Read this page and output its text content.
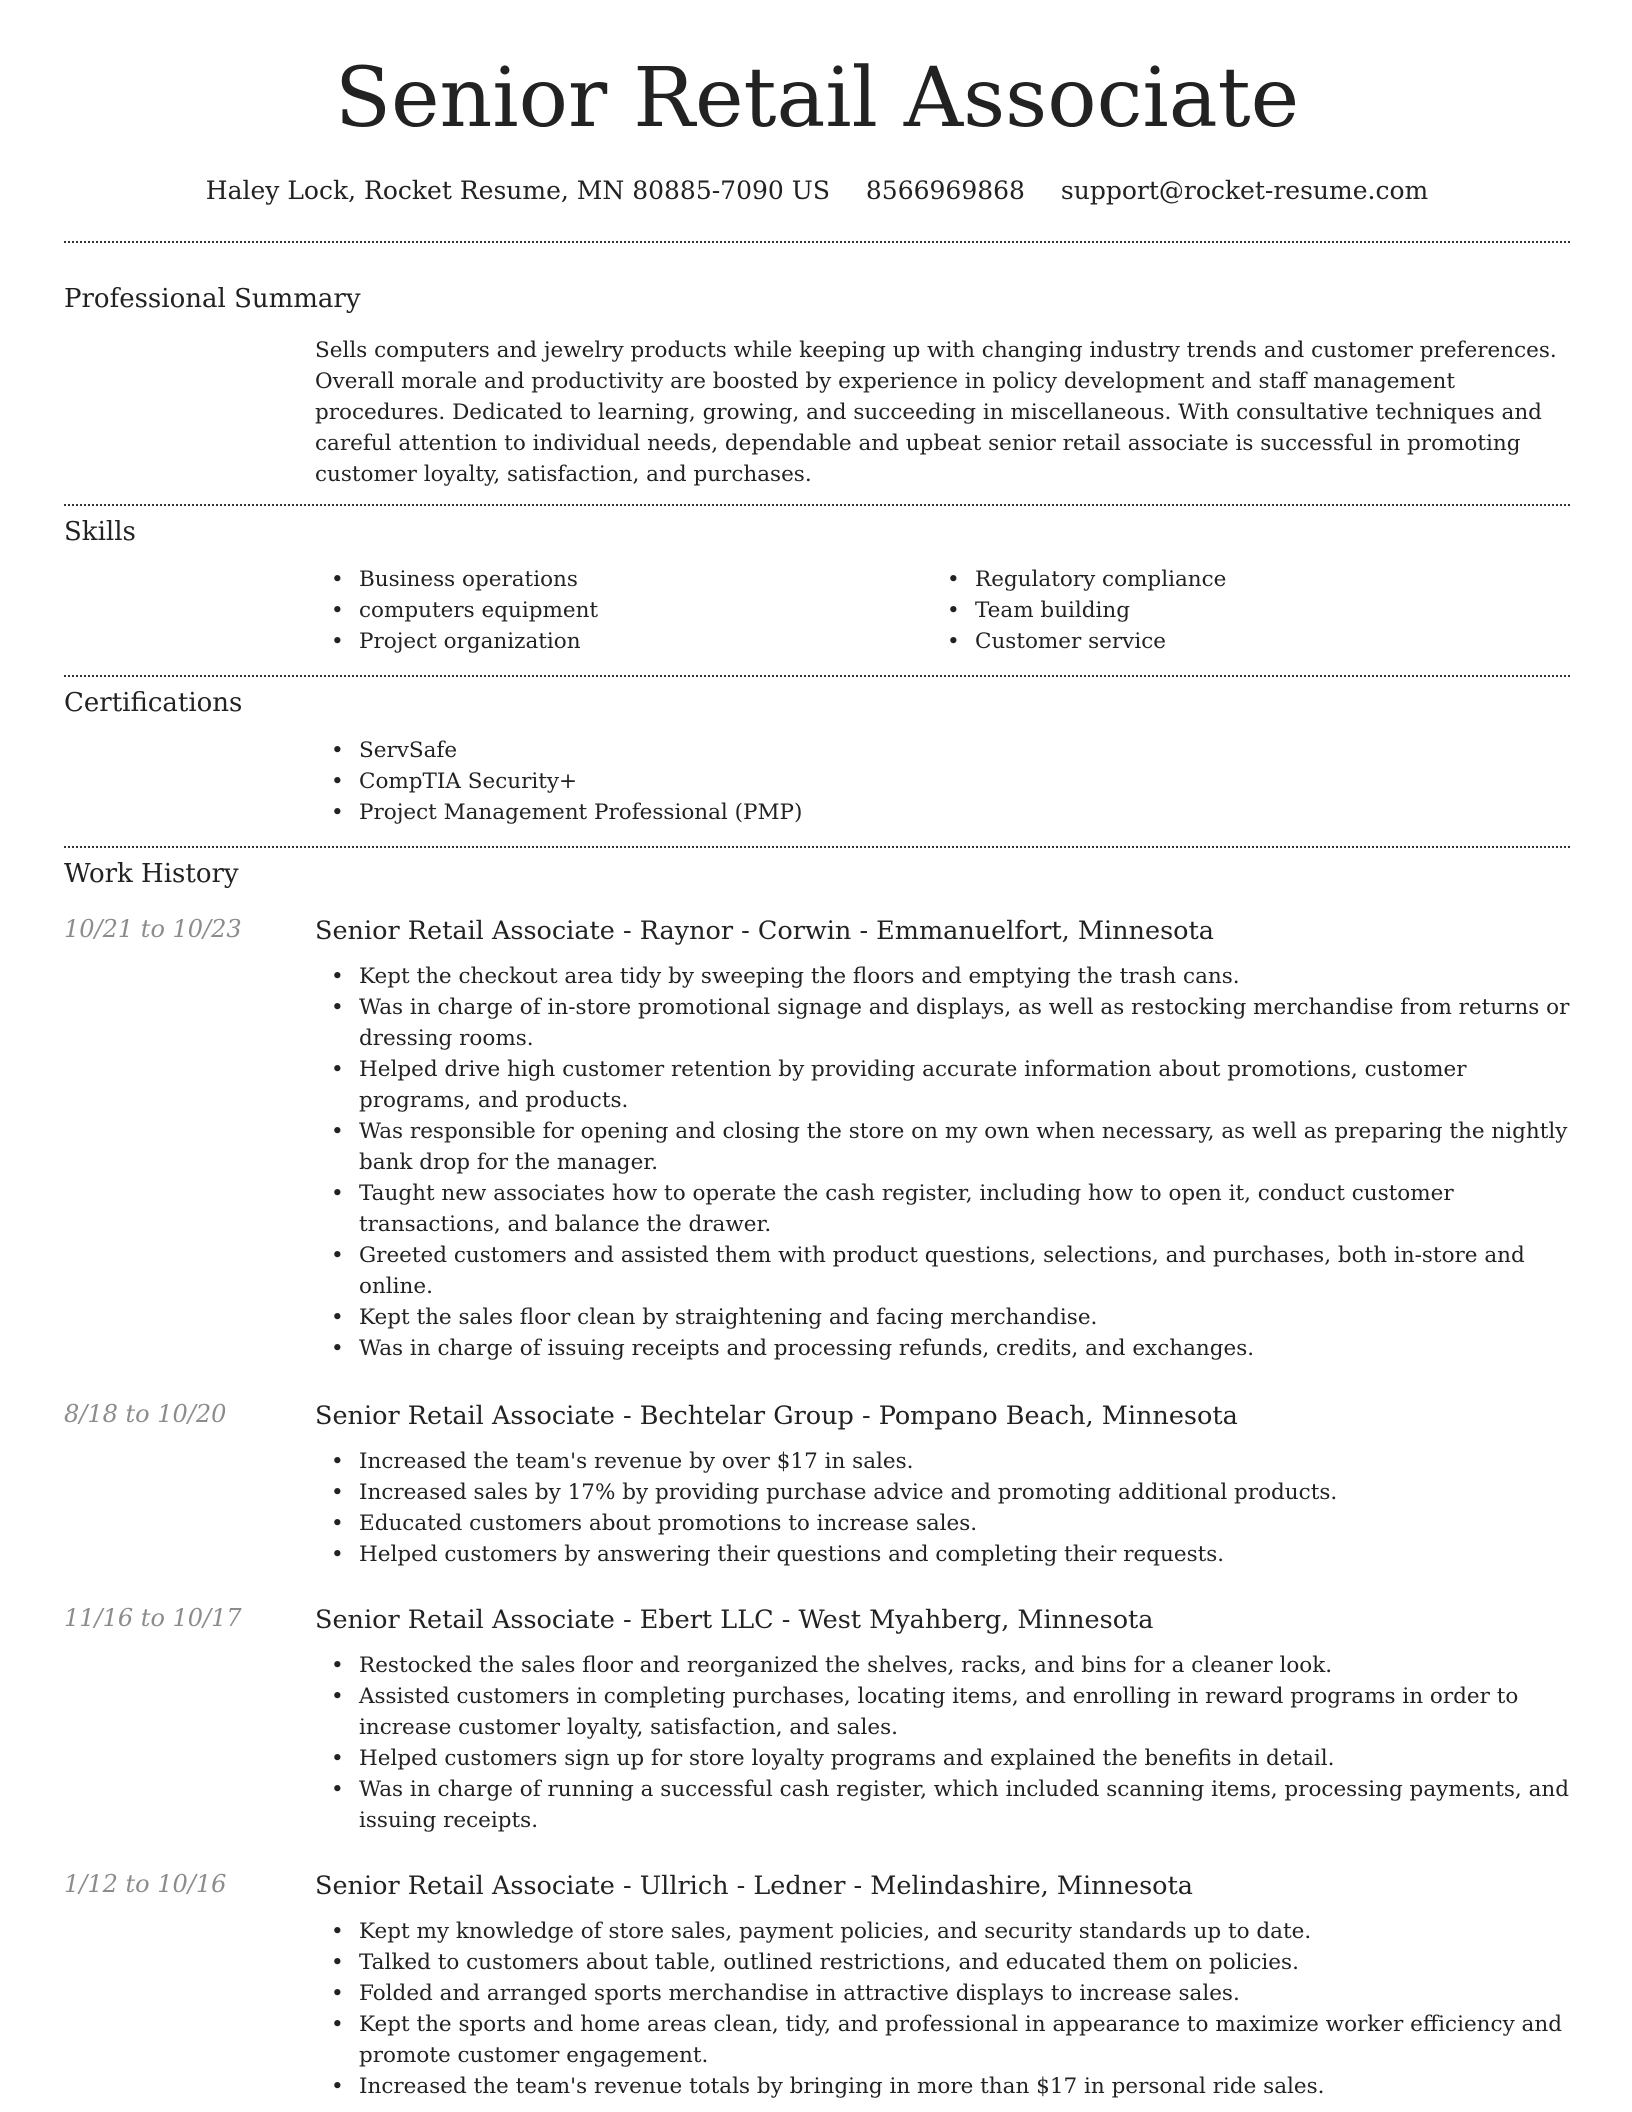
Senior Retail Associate
Haley Lock, Rocket Resume, MN 80885-7090 US 8566969868 support@rocket-resume.com
Professional Summary

Sells computers and jewelry products while keeping up with changing industry trends and customer preferences. Overall morale and productivity are boosted by experience in policy development and staff management procedures. Dedicated to learning, growing, and succeeding in miscellaneous. With consultative techniques and careful attention to individual needs, dependable and upbeat senior retail associate is successful in promoting customer loyalty, satisfaction, and purchases.

Skills
• Business operations
• computers equipment
• Project organization
• Regulatory compliance
• Team building
• Customer service
Certifications
• ServSafe
• CompTIA Security+
• Project Management Professional (PMP)
Work History
10/21 to 10/23	Senior Retail Associate - Raynor - Corwin - Emmanuelfort, Minnesota
• Kept the checkout area tidy by sweeping the floors and emptying the trash cans.
• Was in charge of in-store promotional signage and displays, as well as restocking merchandise from returns or dressing rooms.
• Helped drive high customer retention by providing accurate information about promotions, customer programs, and products.
• Was responsible for opening and closing the store on my own when necessary, as well as preparing the nightly bank drop for the manager.
• Taught new associates how to operate the cash register, including how to open it, conduct customer transactions, and balance the drawer.
• Greeted customers and assisted them with product questions, selections, and purchases, both in-store and online.
• Kept the sales floor clean by straightening and facing merchandise.
• Was in charge of issuing receipts and processing refunds, credits, and exchanges.
8/18 to 10/20	Senior Retail Associate - Bechtelar Group - Pompano Beach, Minnesota
• Increased the team's revenue by over $17 in sales.
• Increased sales by 17% by providing purchase advice and promoting additional products.
• Educated customers about promotions to increase sales.
• Helped customers by answering their questions and completing their requests.
11/16 to 10/17	Senior Retail Associate - Ebert LLC - West Myahberg, Minnesota
• Restocked the sales floor and reorganized the shelves, racks, and bins for a cleaner look.
• Assisted customers in completing purchases, locating items, and enrolling in reward programs in order to increase customer loyalty, satisfaction, and sales.
• Helped customers sign up for store loyalty programs and explained the benefits in detail.
• Was in charge of running a successful cash register, which included scanning items, processing payments, and issuing receipts.
1/12 to 10/16	Senior Retail Associate - Ullrich - Ledner - Melindashire, Minnesota
• Kept my knowledge of store sales, payment policies, and security standards up to date.
• Talked to customers about table, outlined restrictions, and educated them on policies.
• Folded and arranged sports merchandise in attractive displays to increase sales.
• Kept the sports and home areas clean, tidy, and professional in appearance to maximize worker efficiency and promote customer engagement.
• Increased the team's revenue totals by bringing in more than $17 in personal ride sales.
